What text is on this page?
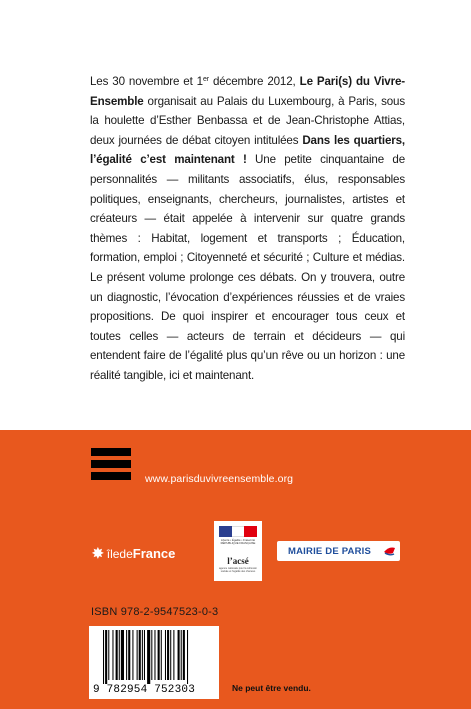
Les 30 novembre et 1er décembre 2012, Le Pari(s) du Vivre-Ensemble organisait au Palais du Luxembourg, à Paris, sous la houlette d’Esther Benbassa et de Jean-Christophe Attias, deux journées de débat citoyen intitulées Dans les quartiers, l’égalité c’est maintenant ! Une petite cinquantaine de personnalités — militants associatifs, élus, responsables politiques, enseignants, chercheurs, journalistes, artistes et créateurs — était appelée à intervenir sur quatre grands thèmes : Habitat, logement et transports ; Éducation, formation, emploi ; Citoyenneté et sécurité ; Culture et médias. Le présent volume prolonge ces débats. On y trouvera, outre un diagnostic, l’évocation d’expériences réussies et de vraies propositions. De quoi inspirer et encourager tous ceux et toutes celles — acteurs de terrain et décideurs — qui entendent faire de l’égalité plus qu’un rêve ou un horizon : une réalité tangible, ici et maintenant.

www.parisduvivreensemble.org
✸ îlede France
Liberté • Égalité • Fraternité RÉPUBLIQUE FRANÇAISE
l’acsé
agence nationale pour la cohésion sociale et l’égalité des chances
MAIRIE DE PARIS
ISBN 978-2-9547523-0-3
9 782954 752303	Ne peut être vendu.
